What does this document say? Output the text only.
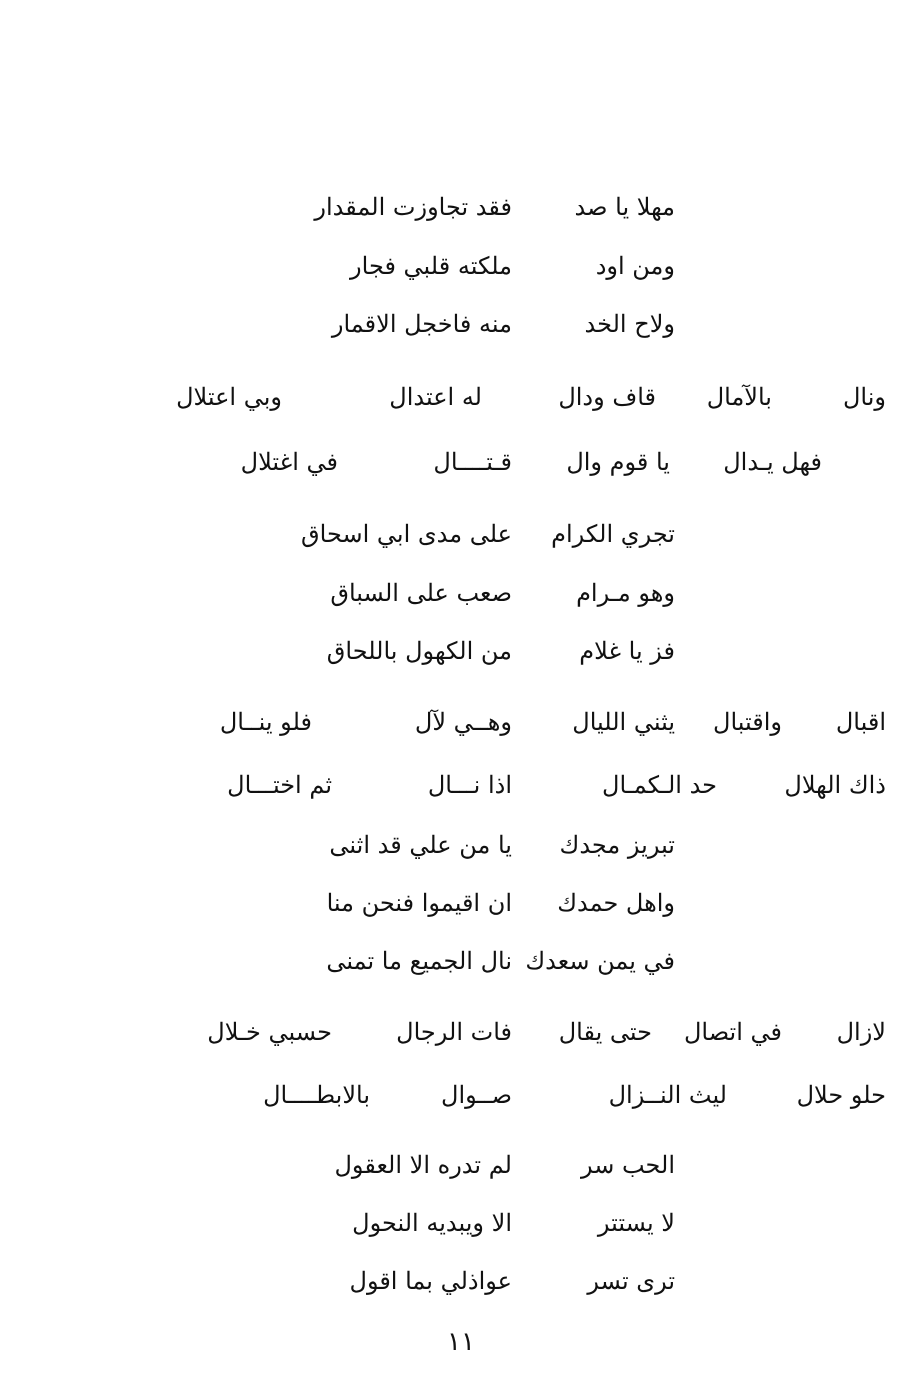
مهلا يا صد
فقد تجاوزت المقدار
ومن اود
ملكته قلبي فجار
ولاح الخد
منه فاخجل الاقمار
ونال
بالآمال
قاف ودال
له اعتدال
وبي اعتلال
فهل يـدال
يا قوم وال
قـتــــال
في اغتلال
تجري الكرام
على مدى ابي اسحاق
وهو مـرام
صعب على السباق
فز يا غلام
من الكهول باللحاق
اقبال
واقتبال
يثني الليال
وهــي لآل
فلو ينــال
ذاك الهلال
حد الـكمـال
اذا نـــال
ثم اختـــال
تبريز مجدك
يا من علي قد اثنى
واهل حمدك
ان اقيموا فنحن منا
في يمن سعدك
نال الجميع ما تمنى
لازال
في اتصال
حتى يقال
فات الرجال
حسبي خـلال
حلو حلال
ليث النــزال
صــوال
بالابطــــال
الحب سر
لم تدره الا العقول
لا يستتر
الا ويبديه النحول
ترى تسر
عواذلي بما اقول
١١
